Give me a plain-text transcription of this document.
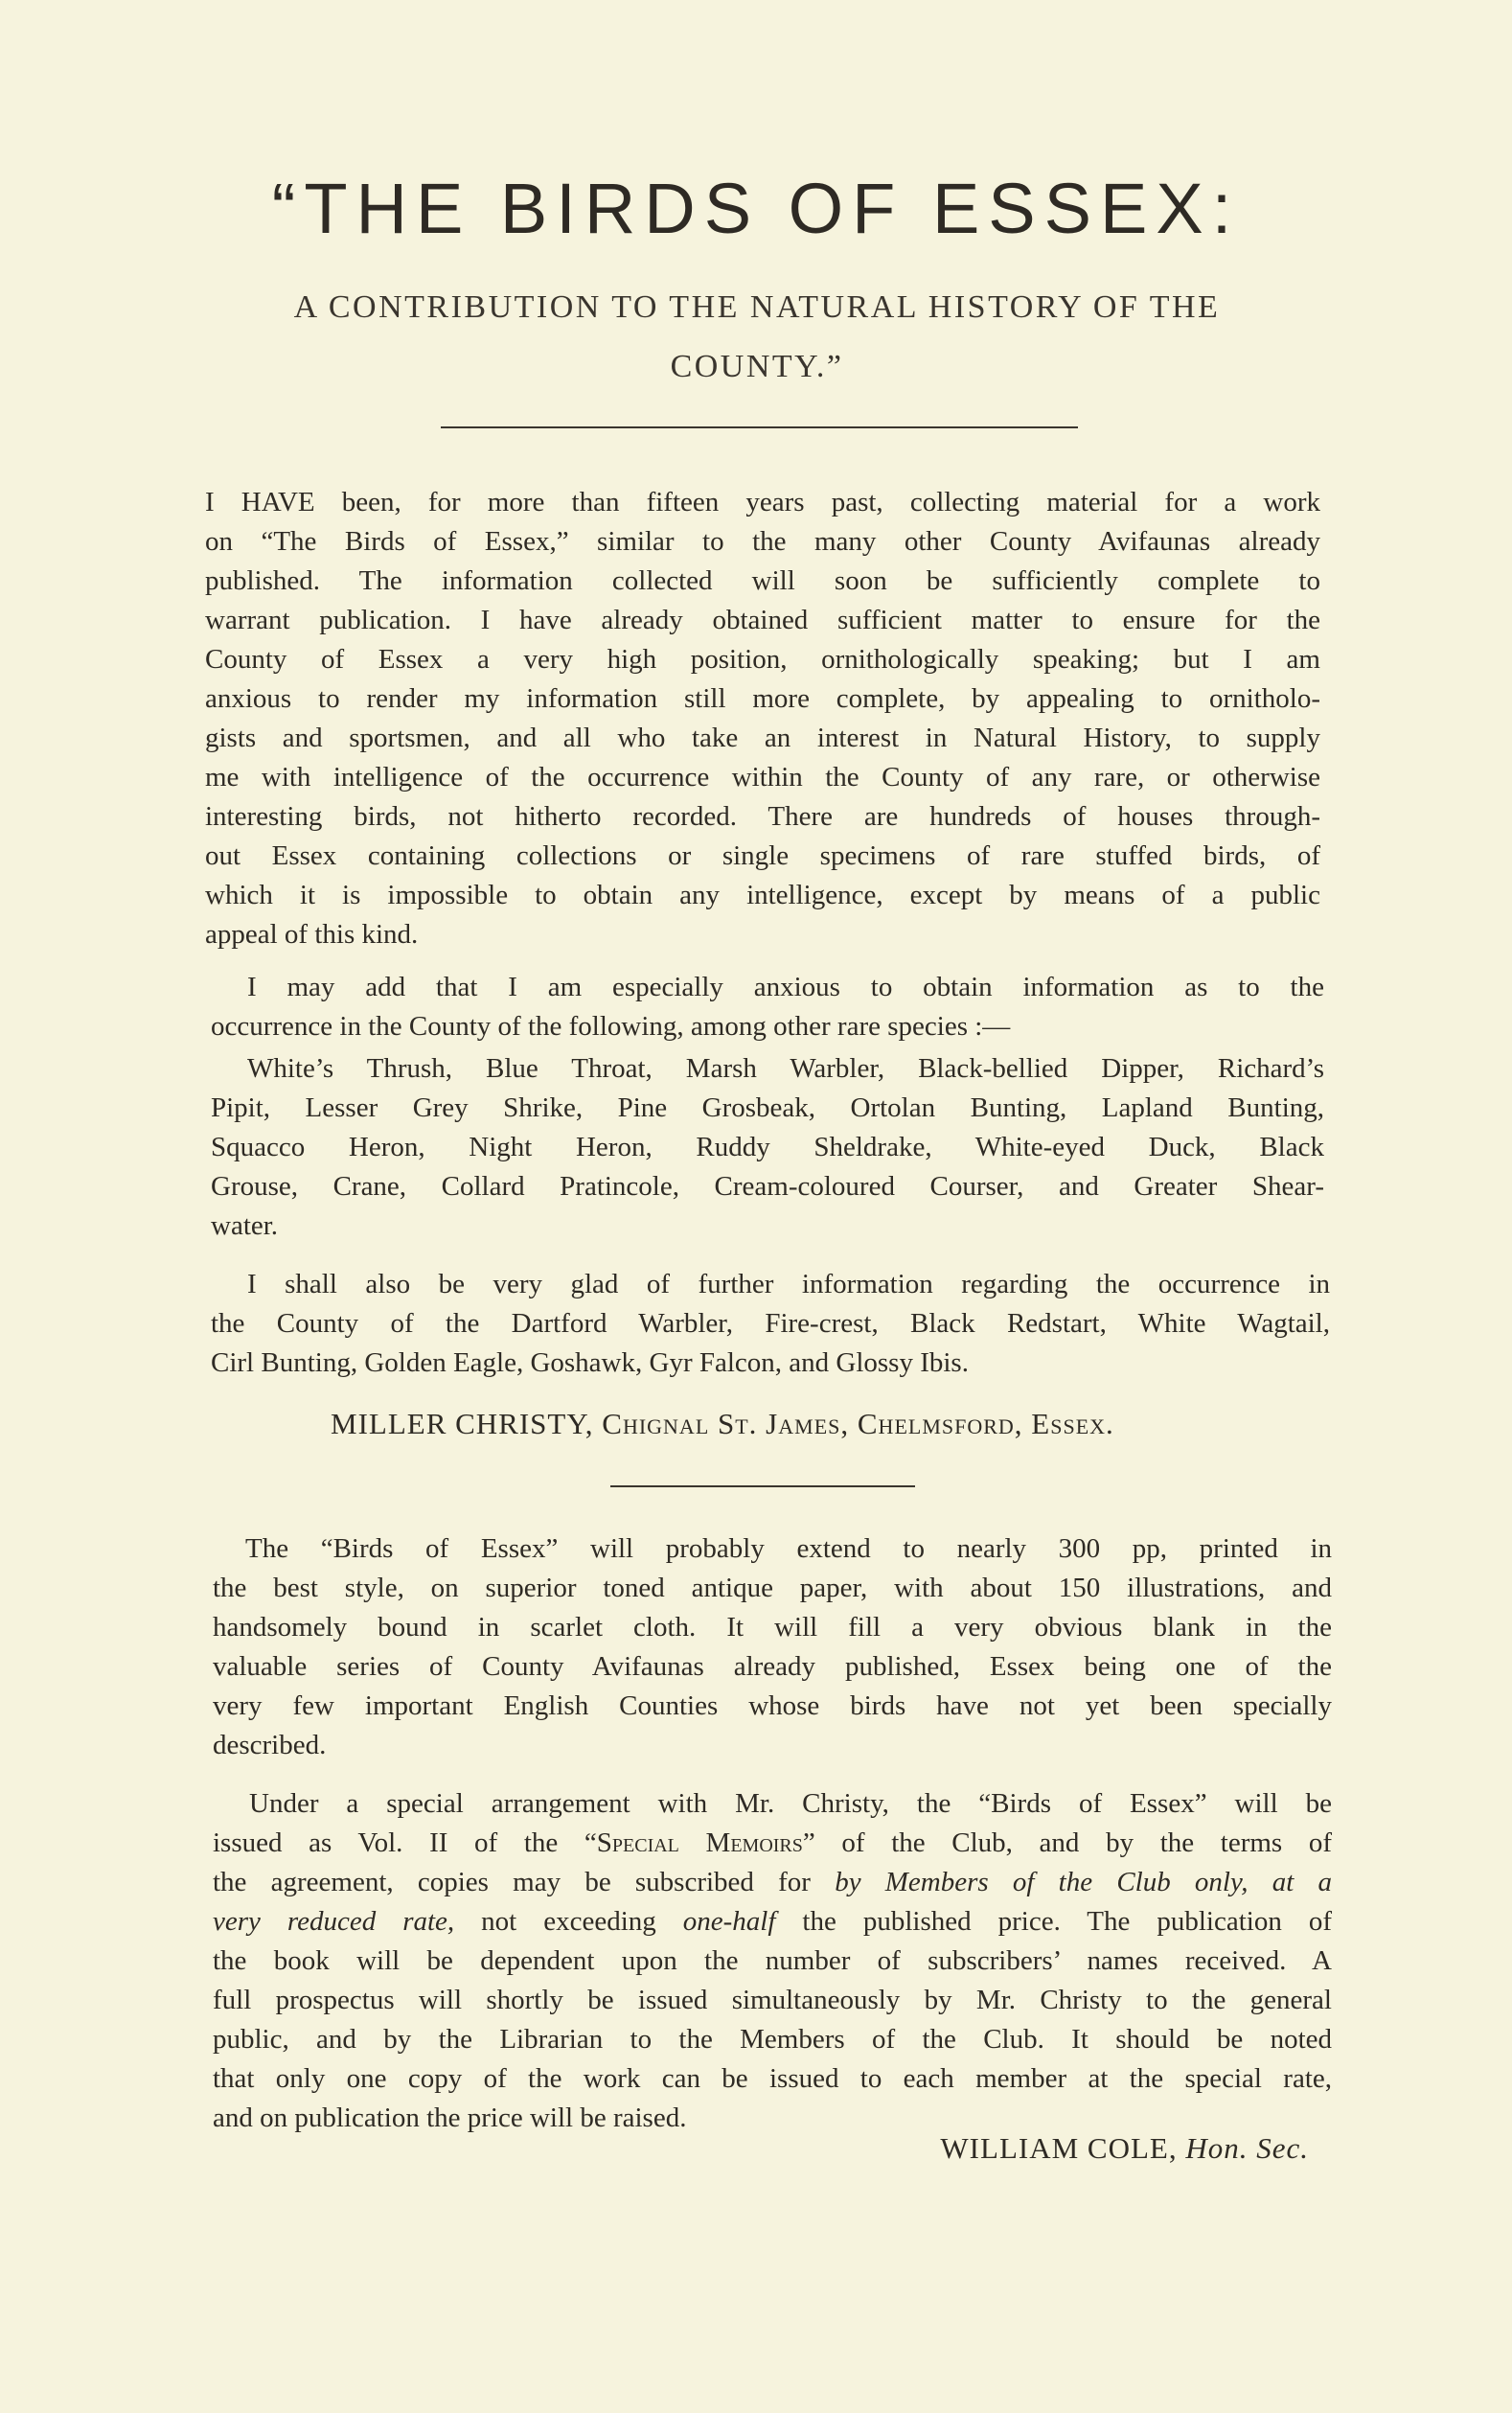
“THE BIRDS OF ESSEX:
A CONTRIBUTION TO THE NATURAL HISTORY OF THE
COUNTY.”
I HAVE been, for more than fifteen years past, collecting material for a work
on “The Birds of Essex,” similar to the many other County Avifaunas already
published. The information collected will soon be sufficiently complete to
warrant publication. I have already obtained sufficient matter to ensure for the
County of Essex a very high position, ornithologically speaking; but I am
anxious to render my information still more complete, by appealing to ornitholo-
gists and sportsmen, and all who take an interest in Natural History, to supply
me with intelligence of the occurrence within the County of any rare, or otherwise
interesting birds, not hitherto recorded. There are hundreds of houses through-
out Essex containing collections or single specimens of rare stuffed birds, of
which it is impossible to obtain any intelligence, except by means of a public
appeal of this kind.
I may add that I am especially anxious to obtain information as to the
occurrence in the County of the following, among other rare species :—
White’s Thrush, Blue Throat, Marsh Warbler, Black-bellied Dipper, Richard’s
Pipit, Lesser Grey Shrike, Pine Grosbeak, Ortolan Bunting, Lapland Bunting,
Squacco Heron, Night Heron, Ruddy Sheldrake, White-eyed Duck, Black
Grouse, Crane, Collard Pratincole, Cream-coloured Courser, and Greater Shear-
water.
I shall also be very glad of further information regarding the occurrence in
the County of the Dartford Warbler, Fire-crest, Black Redstart, White Wagtail,
Cirl Bunting, Golden Eagle, Goshawk, Gyr Falcon, and Glossy Ibis.
MILLER CHRISTY, Chignal St. James, Chelmsford, Essex.
The “Birds of Essex” will probably extend to nearly 300 pp, printed in
the best style, on superior toned antique paper, with about 150 illustrations, and
handsomely bound in scarlet cloth. It will fill a very obvious blank in the
valuable series of County Avifaunas already published, Essex being one of the
very few important English Counties whose birds have not yet been specially
described.
Under a special arrangement with Mr. Christy, the “Birds of Essex” will be
issued as Vol. II of the “Special Memoirs” of the Club, and by the terms of
the agreement, copies may be subscribed for by Members of the Club only, at a
very reduced rate, not exceeding one-half the published price. The publication of
the book will be dependent upon the number of subscribers’ names received. A
full prospectus will shortly be issued simultaneously by Mr. Christy to the general
public, and by the Librarian to the Members of the Club. It should be noted
that only one copy of the work can be issued to each member at the special rate,
and on publication the price will be raised.
WILLIAM COLE, Hon. Sec.
